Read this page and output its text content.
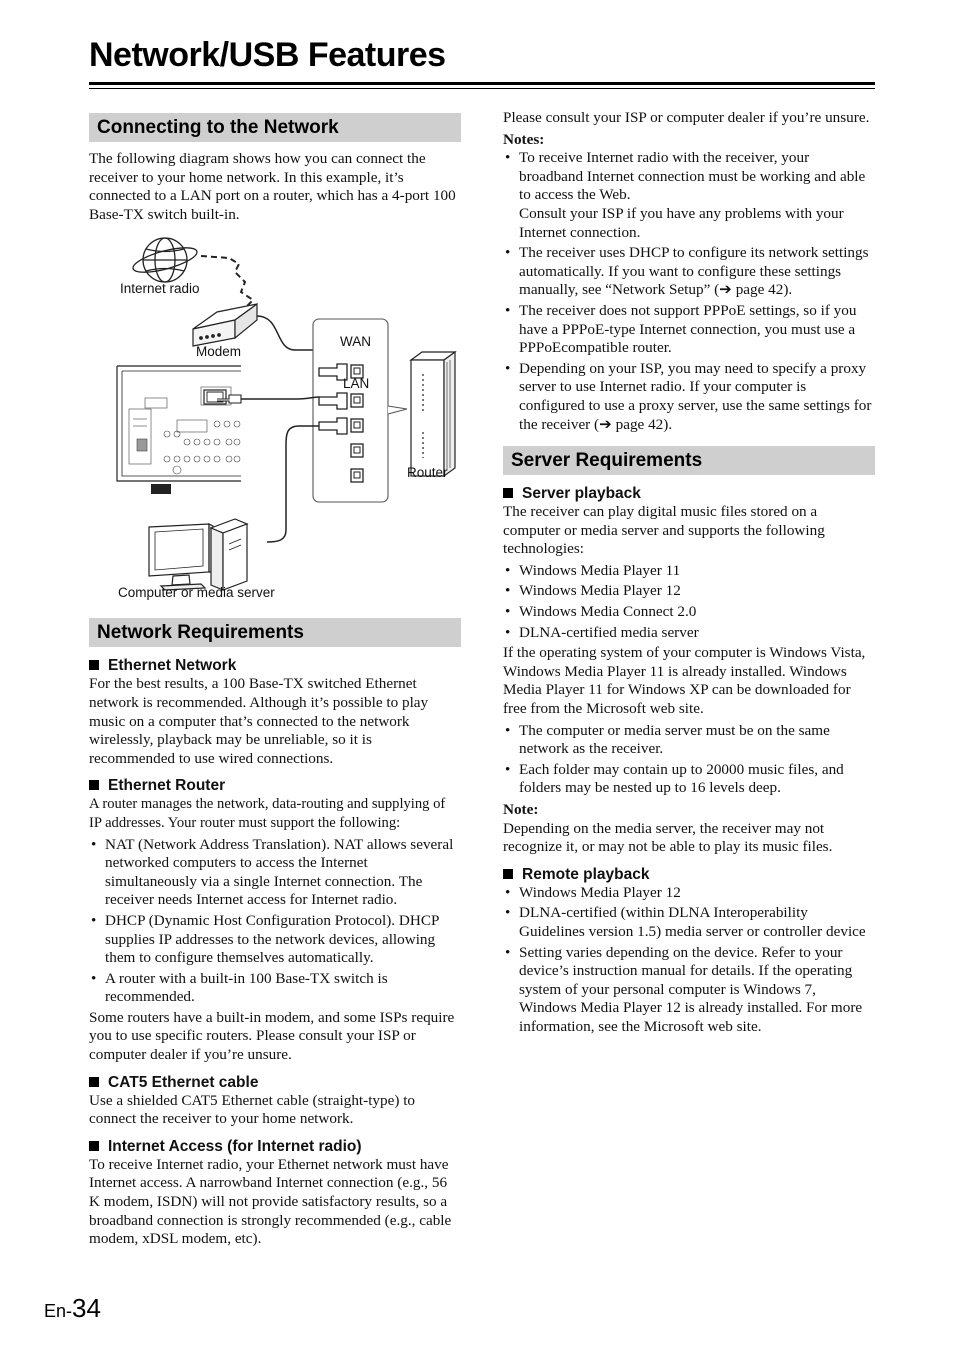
Network/USB Features
Connecting to the Network

The following diagram shows how you can connect the receiver to your home network. In this example, it’s connected to a LAN port on a router, which has a 4-port 100 Base-TX switch built-in.

Internet radio
Modem
WAN
LAN
Router
Computer or media server
Network Requirements
Ethernet Network

For the best results, a 100 Base-TX switched Ethernet network is recommended. Although it’s possible to play music on a computer that’s connected to the network wirelessly, playback may be unreliable, so it is recommended to use wired connections.

Ethernet Router

A router manages the network, data-routing and supplying of IP addresses. Your router must support the following:

• NAT (Network Address Translation). NAT allows several networked computers to access the Internet simultaneously via a single Internet connection. The receiver needs Internet access for Internet radio.
• DHCP (Dynamic Host Configuration Protocol). DHCP supplies IP addresses to the network devices, allowing them to configure themselves automatically.
• A router with a built-in 100 Base-TX switch is recommended.

Some routers have a built-in modem, and some ISPs require you to use specific routers. Please consult your ISP or computer dealer if you’re unsure.

CAT5 Ethernet cable

Use a shielded CAT5 Ethernet cable (straight-type) to connect the receiver to your home network.

Internet Access (for Internet radio)

To receive Internet radio, your Ethernet network must have Internet access. A narrowband Internet connection (e.g., 56 K modem, ISDN) will not provide satisfactory results, so a broadband connection is strongly recommended (e.g., cable modem, xDSL modem, etc).

Please consult your ISP or computer dealer if you’re unsure.

Notes:

• To receive Internet radio with the receiver, your broadband Internet connection must be working and able to access the Web.
Consult your ISP if you have any problems with your Internet connection.
• The receiver uses DHCP to configure its network settings automatically. If you want to configure these settings manually, see “Network Setup” (➔ page 42).
• The receiver does not support PPPoE settings, so if you have a PPPoE-type Internet connection, you must use a PPPoEcompatible router.
• Depending on your ISP, you may need to specify a proxy server to use Internet radio. If your computer is configured to use a proxy server, use the same settings for the receiver (➔ page 42).
Server Requirements
Server playback

The receiver can play digital music files stored on a computer or media server and supports the following technologies:

• Windows Media Player 11
• Windows Media Player 12
• Windows Media Connect 2.0
• DLNA-certified media server

If the operating system of your computer is Windows Vista, Windows Media Player 11 is already installed. Windows Media Player 11 for Windows XP can be downloaded for free from the Microsoft web site.

• The computer or media server must be on the same network as the receiver.
• Each folder may contain up to 20000 music files, and folders may be nested up to 16 levels deep.

Note:

Depending on the media server, the receiver may not recognize it, or may not be able to play its music files.

Remote playback
• Windows Media Player 12
• DLNA-certified (within DLNA Interoperability Guidelines version 1.5) media server or controller device
• Setting varies depending on the device. Refer to your device’s instruction manual for details. If the operating system of your personal computer is Windows 7, Windows Media Player 12 is already installed. For more information, see the Microsoft web site.
En-34
